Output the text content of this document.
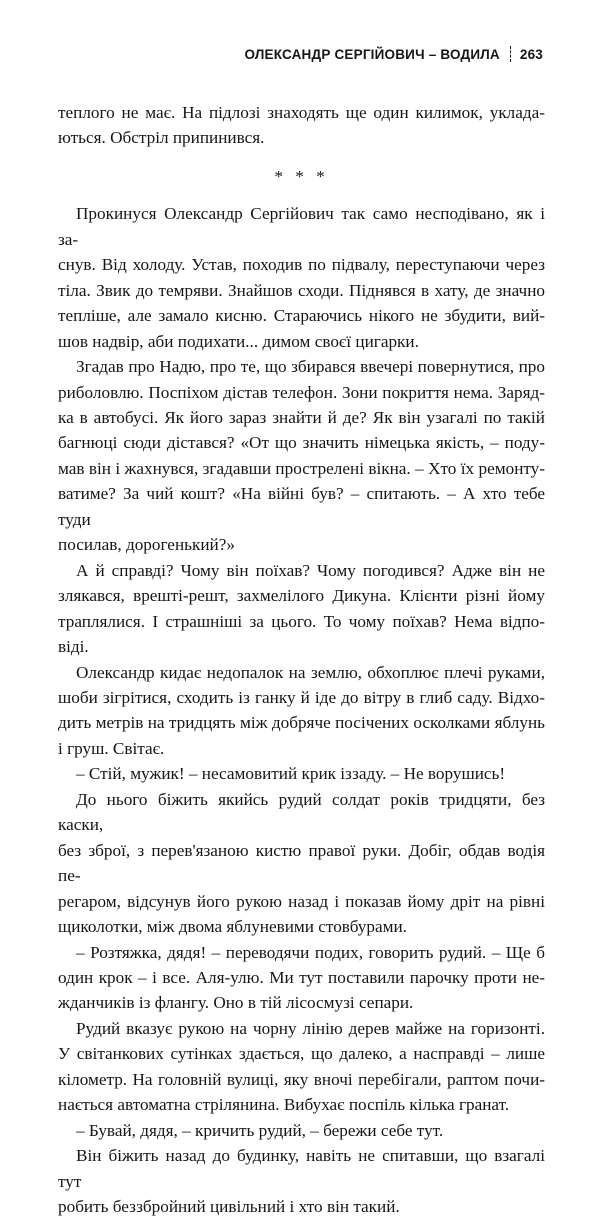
ОЛЕКСАНДР СЕРГІЙОВИЧ – ВОДИЛА 263

теплого не має. На підлозі знаходять ще один килимок, уклада-

ються. Обстріл припинився.

* * *

Прокинуся Олександр Сергійович так само несподівано, як і за-

снув. Від холоду. Устав, походив по підвалу, переступаючи через

тіла. Звик до темряви. Знайшов сходи. Піднявся в хату, де значно

тепліше, але замало кисню. Стараючись нікого не збудити, вий-

шов надвір, аби подихати... димом своєї цигарки.

Згадав про Надю, про те, що збирався ввечері повернутися, про

риболовлю. Поспіхом дістав телефон. Зони покриття нема. Заряд-

ка в автобусі. Як його зараз знайти й де? Як він узагалі по такій

багнюці сюди дістався? «От що значить німецька якість, – поду-

мав він і жахнувся, згадавши прострелені вікна. – Хто їх ремонту-

ватиме? За чий кошт? «На війні був? – спитають. – А хто тебе туди

посилав, дорогенький?»

А й справді? Чому він поїхав? Чому погодився? Адже він не

злякався, врешті-решт, захмелілого Дикуна. Клієнти різні йому

траплялися. І страшніші за цього. То чому поїхав? Нема відпо-

віді.

Олександр кидає недопалок на землю, обхоплює плечі руками,

шоби зігрітися, сходить із ганку й іде до вітру в глиб саду. Відхо-

дить метрів на тридцять між добряче посічених осколками яблунь

і груш. Світає.

– Стій, мужик! – несамовитий крик іззаду. – Не ворушись!

До нього біжить якийсь рудий солдат років тридцяти, без каски,

без зброї, з перев'язаною кистю правої руки. Добіг, обдав водія пе-

регаром, відсунув його рукою назад і показав йому дріт на рівні

щиколотки, між двома яблуневими стовбурами.

– Розтяжка, дядя! – переводячи подих, говорить рудий. – Ще б

один крок – і все. Аля-улю. Ми тут поставили парочку проти не-

жданчиків із флангу. Оно в тій лісосмузі сепари.

Рудий вказує рукою на чорну лінію дерев майже на горизонті.

У світанкових сутінках здається, що далеко, а насправді – лише

кілометр. На головній вулиці, яку вночі перебігали, раптом почи-

нається автоматна стрілянина. Вибухає поспіль кілька гранат.

– Бувай, дядя, – кричить рудий, – бережи себе тут.

Він біжить назад до будинку, навіть не спитавши, що взагалі тут

робить беззбройний цивільний і хто він такий.
